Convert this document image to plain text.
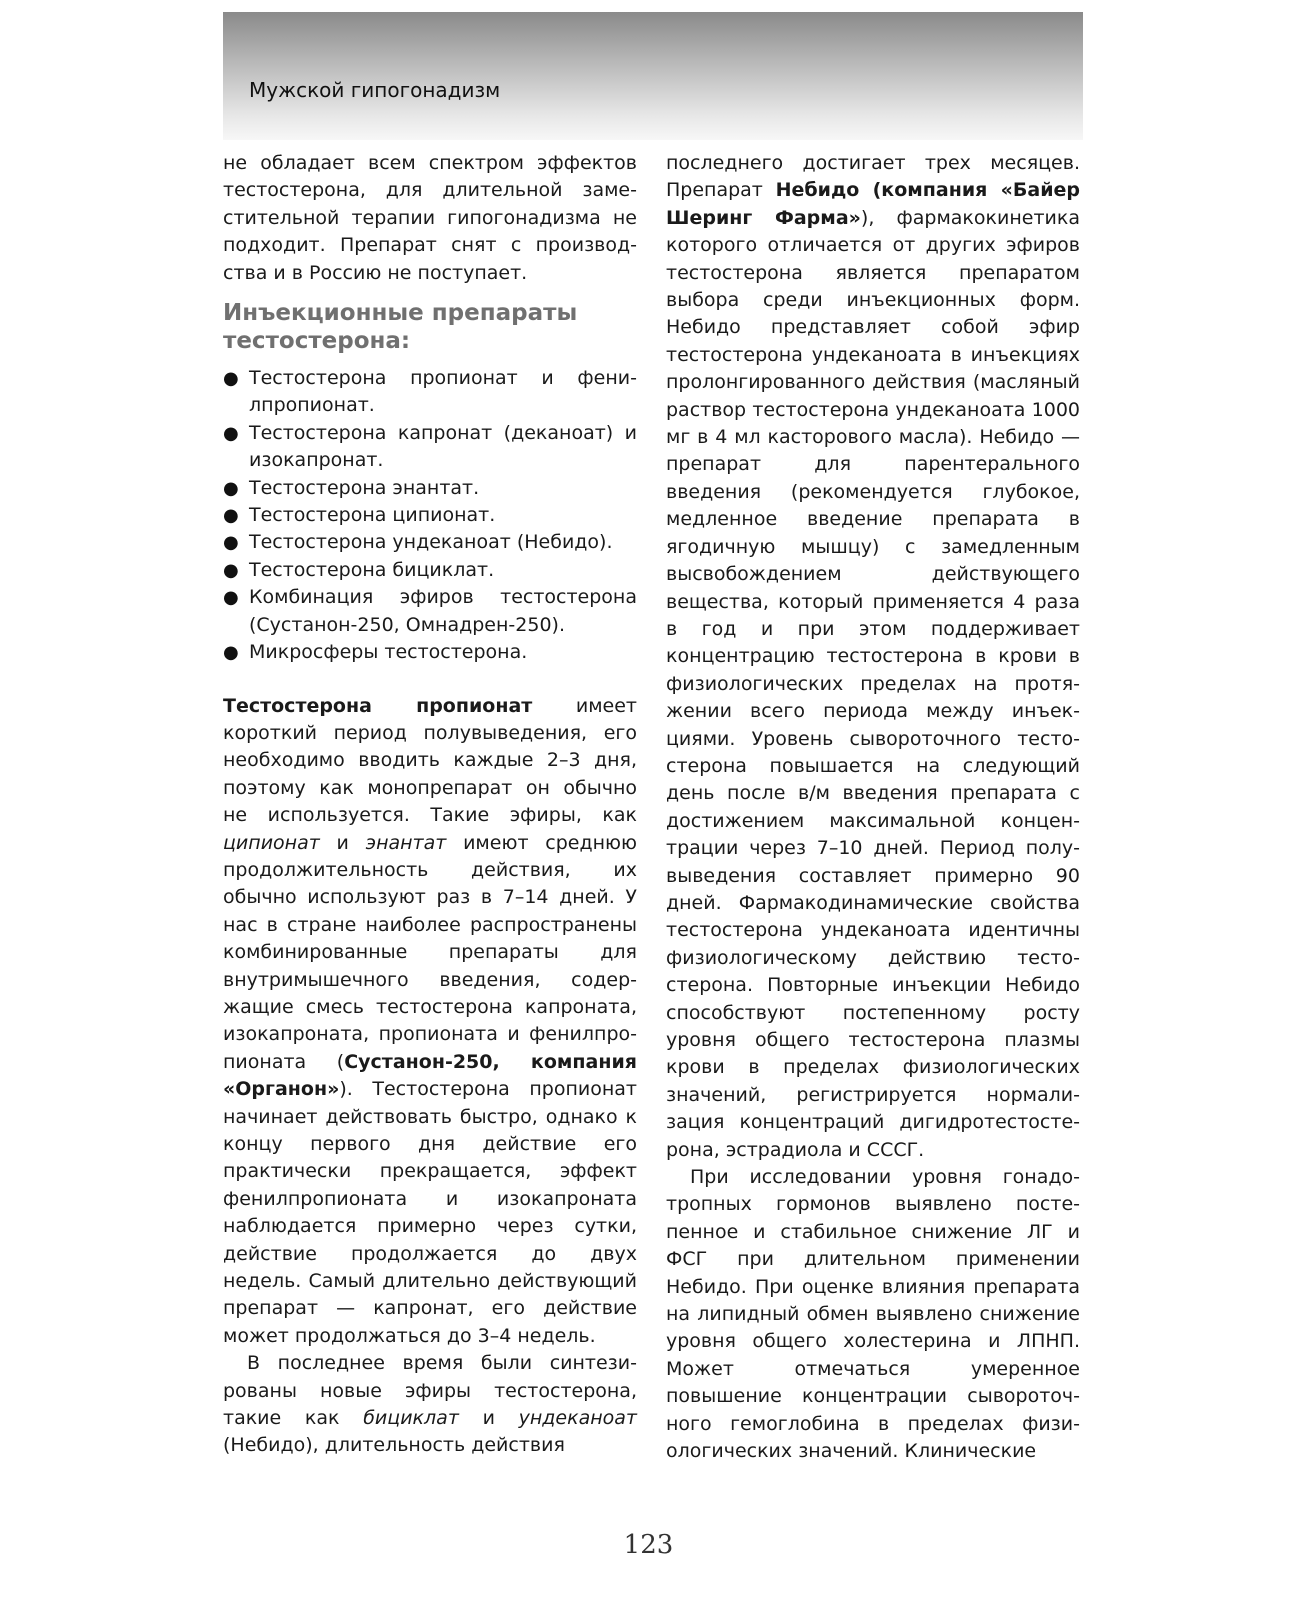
Мужской гипогонадизм

не обладает всем спектром эффектов тестостерона, для длительной заместительной терапии гипогонадизма не подходит. Препарат снят с производства и в Россию не поступает.

Инъекционные препараты тестостерона:
● Тестостерона пропионат и фенилпропионат.
● Тестостерона капронат (деканоат) и изокапронат.
● Тестостерона энантат.
● Тестостерона ципионат.
● Тестостерона ундеканоат (Небидо).
● Тестостерона бициклат.
● Комбинация эфиров тестостерона (Сустанон-250, Омнадрен-250).
● Микросферы тестостерона.

Тестостерона пропионат имеет короткий период полувыведения, его необходимо вводить каждые 2–3 дня, поэтому как монопрепарат он обычно не используется. Такие эфиры, как ципионат и энантат имеют среднюю продолжительность действия, их обычно используют раз в 7–14 дней. У нас в стране наиболее распространены комбинированные препараты для внутримышечного введения, содержащие смесь тестостерона капроната, изокапроната, пропионата и фенилпропионата (Сустанон-250, компания «Органон»). Тестостерона пропионат начинает действовать быстро, однако к концу первого дня действие его практически прекращается, эффект фенилпропионата и изокапроната наблюдается примерно через сутки, действие продолжается до двух недель. Самый длительно действующий препарат — капронат, его действие может продолжаться до 3–4 недель.

В последнее время были синтезированы новые эфиры тестостерона, такие как бициклат и ундеканоат (Небидо), длительность действия

последнего достигает трех месяцев. Препарат Небидо (компания «Байер Шеринг Фарма»), фармакокинетика которого отличается от других эфиров тестостерона является препаратом выбора среди инъекционных форм. Небидо представляет собой эфир тестостерона ундеканоата в инъекциях пролонгированного действия (масляный раствор тестостерона ундеканоата 1000 мг в 4 мл касторового масла). Небидо — препарат для парентерального введения (рекомендуется глубокое, медленное введение препарата в ягодичную мышцу) с замедленным высвобождением действующего вещества, который применяется 4 раза в год и при этом поддерживает концентрацию тестостерона в крови в физиологических пределах на протяжении всего периода между инъекциями. Уровень сывороточного тестостерона повышается на следующий день после в/м введения препарата с достижением максимальной концентрации через 7–10 дней. Период полувыведения составляет примерно 90 дней. Фармакодинамические свойства тестостерона ундеканоата идентичны физиологическому действию тестостерона. Повторные инъекции Небидо способствуют постепенному росту уровня общего тестостерона плазмы крови в пределах физиологических значений, регистрируется нормализация концентраций дигидротестостерона, эстрадиола и СССГ.

При исследовании уровня гонадотропных гормонов выявлено постепенное и стабильное снижение ЛГ и ФСГ при длительном применении Небидо. При оценке влияния препарата на липидный обмен выявлено снижение уровня общего холестерина и ЛПНП. Может отмечаться умеренное повышение концентрации сывороточного гемоглобина в пределах физиологических значений. Клинические

123
